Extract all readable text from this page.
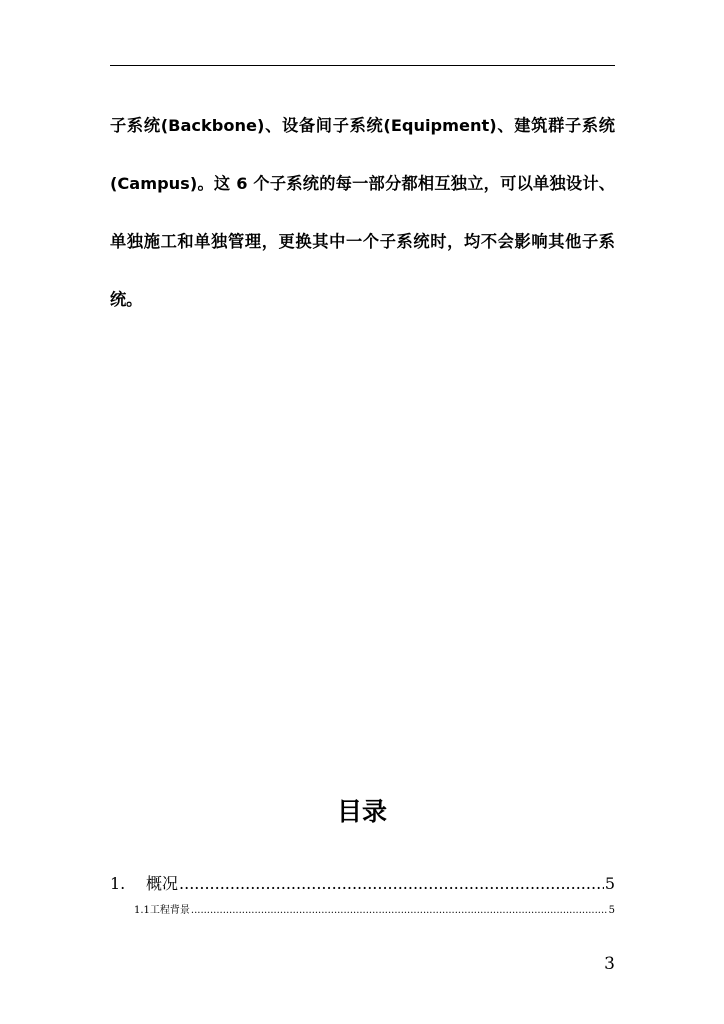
子系统(Backbone)、设备间子系统(Equipment)、建筑群子系统(Campus)。这 6 个子系统的每一部分都相互独立，可以单独设计、单独施工和单独管理，更换其中一个子系统时，均不会影响其他子系统。

目录
1.	概况 .....	5
1.1 工程背景 .....	5

3
